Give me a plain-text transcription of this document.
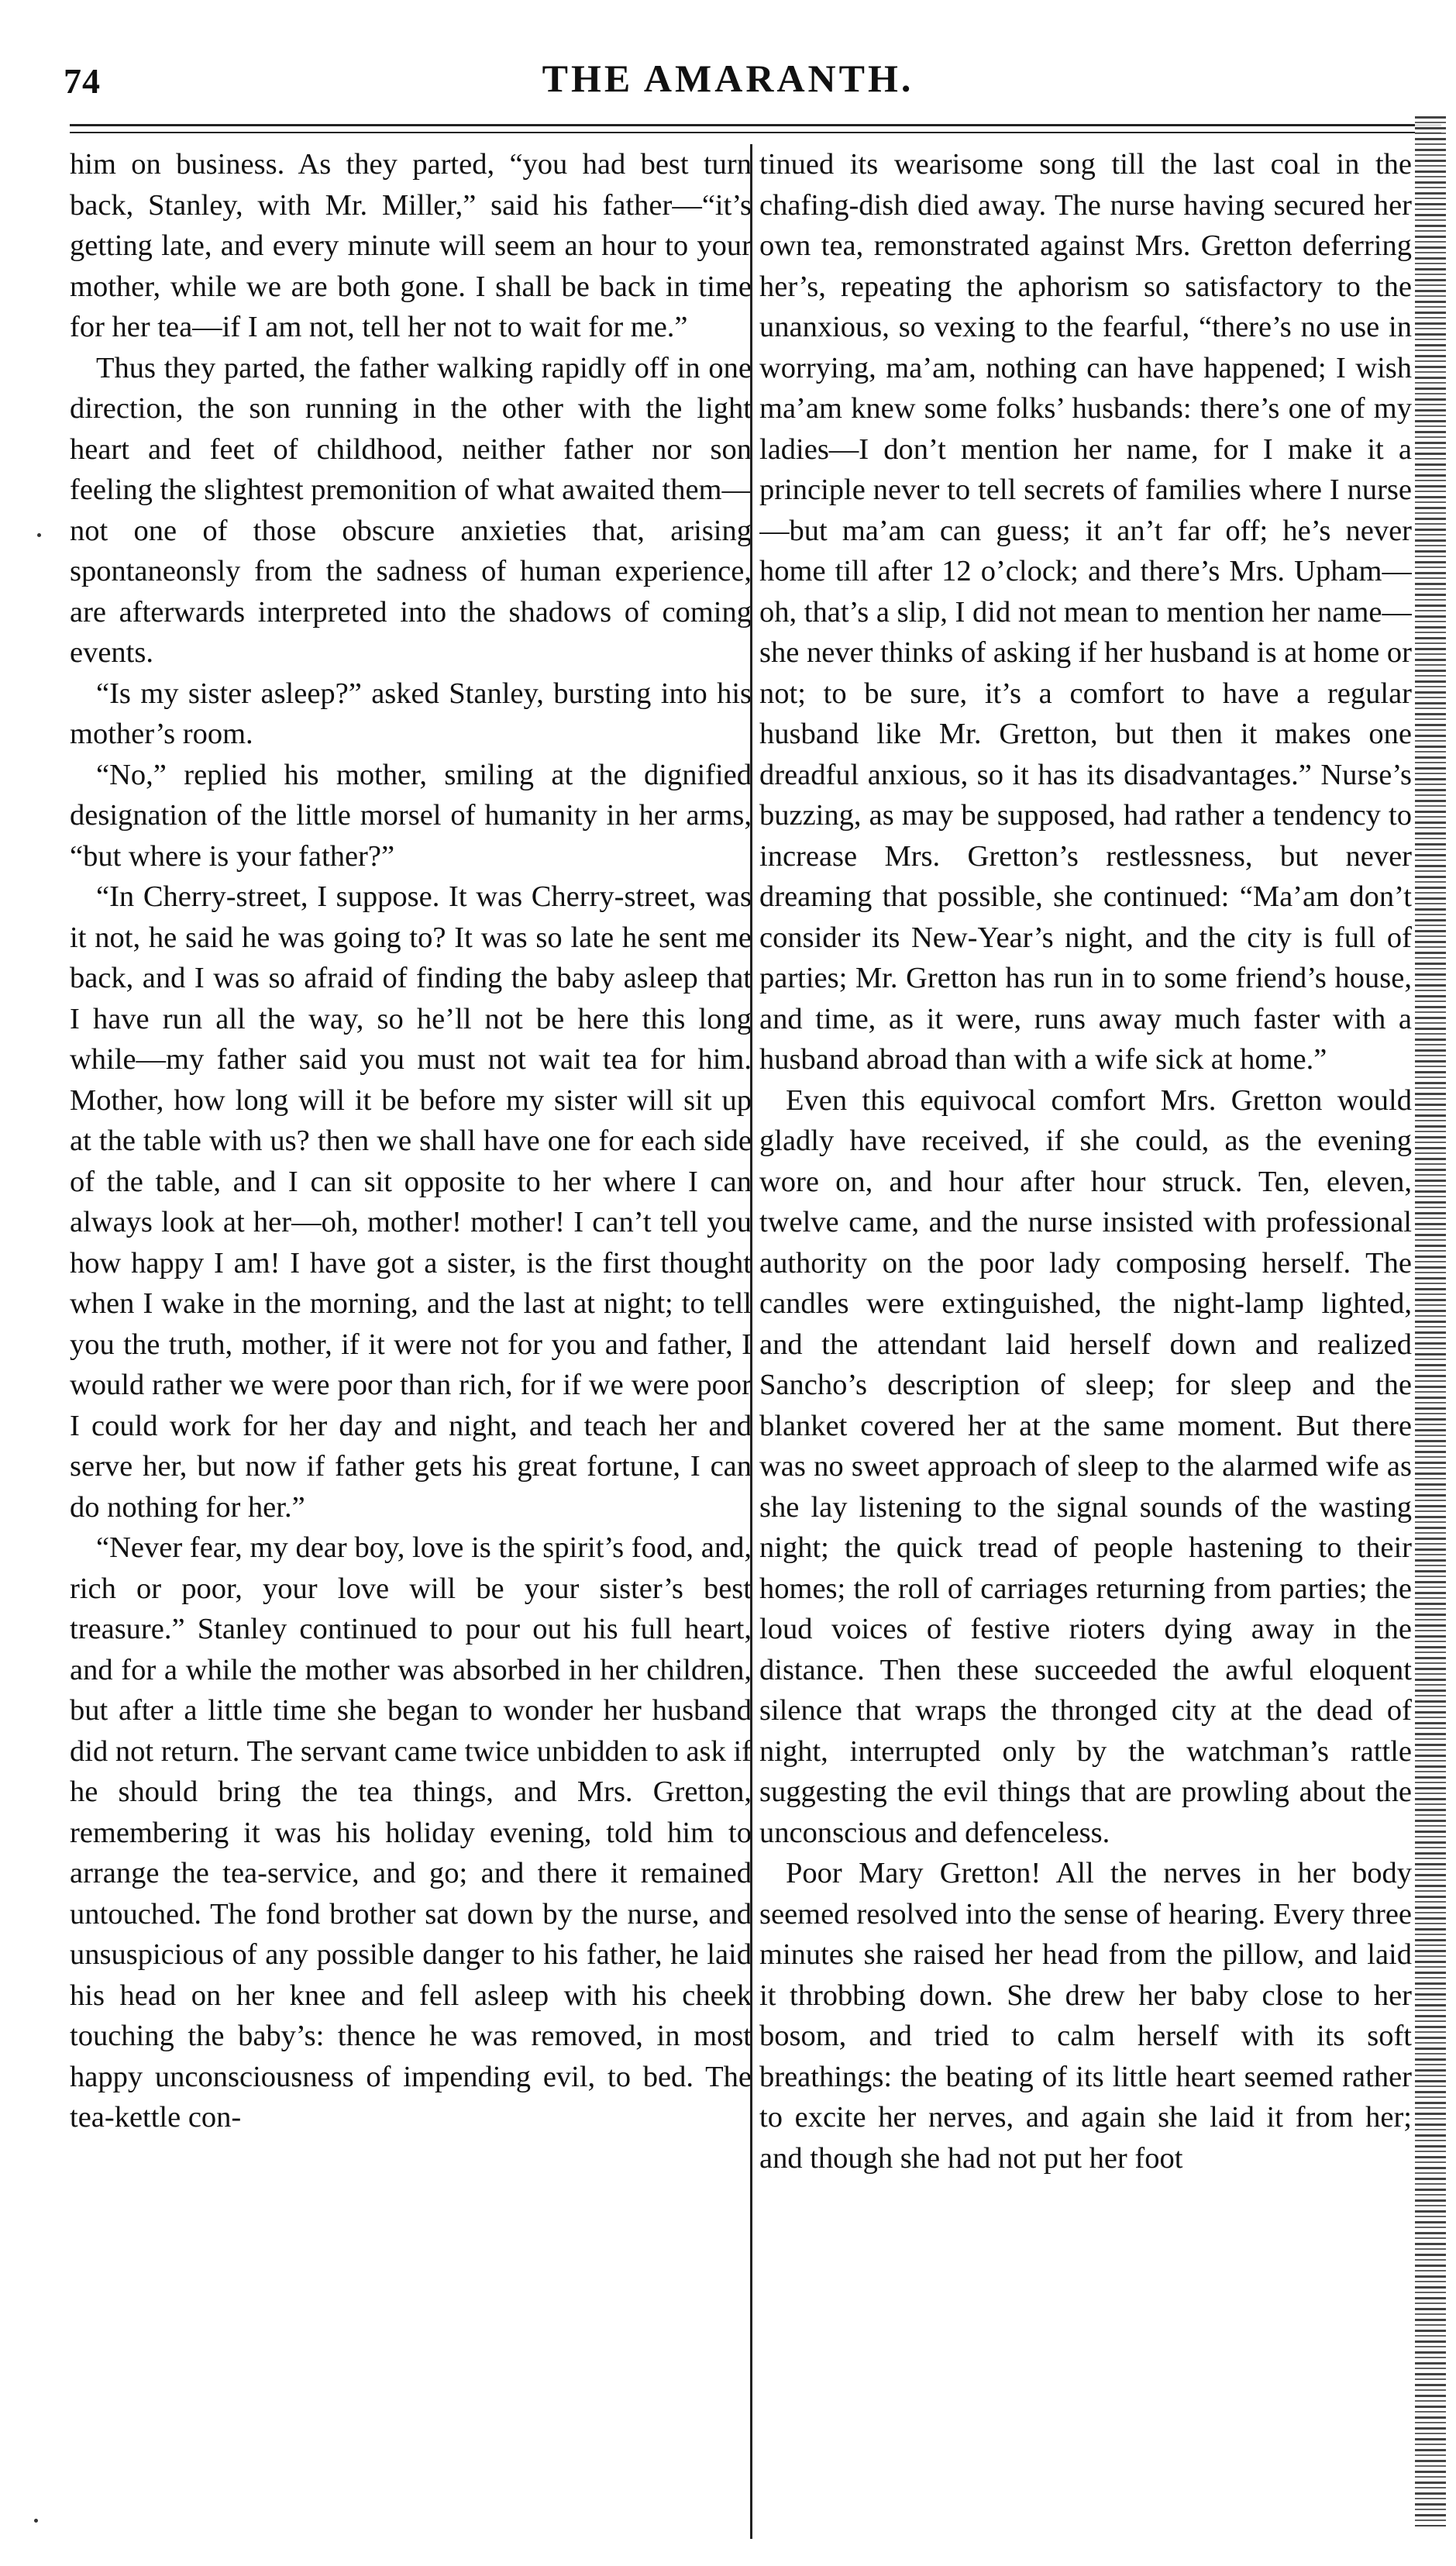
74	THE AMARANTH.

him on business. As they parted, “you had best turn back, Stanley, with Mr. Miller,” said his father—“it’s getting late, and every minute will seem an hour to your mother, while we are both gone. I shall be back in time for her tea—if I am not, tell her not to wait for me.”

Thus they parted, the father walking rapidly off in one direction, the son running in the other with the light heart and feet of childhood, neither father nor son feeling the slightest premonition of what awaited them—not one of those obscure anxieties that, arising spontaneonsly from the sadness of human experience, are afterwards interpreted into the shadows of coming events.

“Is my sister asleep?” asked Stanley, bursting into his mother’s room.

“No,” replied his mother, smiling at the dignified designation of the little morsel of humanity in her arms, “but where is your father?”

“In Cherry-street, I suppose. It was Cherry-street, was it not, he said he was going to? It was so late he sent me back, and I was so afraid of finding the baby asleep that I have run all the way, so he’ll not be here this long while—my father said you must not wait tea for him. Mother, how long will it be before my sister will sit up at the table with us? then we shall have one for each side of the table, and I can sit opposite to her where I can always look at her—oh, mother! mother! I can’t tell you how happy I am! I have got a sister, is the first thought when I wake in the morning, and the last at night; to tell you the truth, mother, if it were not for you and father, I would rather we were poor than rich, for if we were poor I could work for her day and night, and teach her and serve her, but now if father gets his great fortune, I can do nothing for her.”

“Never fear, my dear boy, love is the spirit’s food, and, rich or poor, your love will be your sister’s best treasure.” Stanley continued to pour out his full heart, and for a while the mother was absorbed in her children, but after a little time she began to wonder her husband did not return. The servant came twice unbidden to ask if he should bring the tea things, and Mrs. Gretton, remembering it was his holiday evening, told him to arrange the tea-service, and go; and there it remained untouched. The fond brother sat down by the nurse, and unsuspicious of any possible danger to his father, he laid his head on her knee and fell asleep with his cheek touching the baby’s: thence he was removed, in most happy unconsciousness of impending evil, to bed. The tea-kettle con-

tinued its wearisome song till the last coal in the chafing-dish died away. The nurse having secured her own tea, remonstrated against Mrs. Gretton deferring her’s, repeating the aphorism so satisfactory to the unanxious, so vexing to the fearful, “there’s no use in worrying, ma’am, nothing can have happened; I wish ma’am knew some folks’ husbands: there’s one of my ladies—I don’t mention her name, for I make it a principle never to tell secrets of families where I nurse—but ma’am can guess; it an’t far off; he’s never home till after 12 o’clock; and there’s Mrs. Upham—oh, that’s a slip, I did not mean to mention her name—she never thinks of asking if her husband is at home or not; to be sure, it’s a comfort to have a regular husband like Mr. Gretton, but then it makes one dreadful anxious, so it has its disadvantages.” Nurse’s buzzing, as may be supposed, had rather a tendency to increase Mrs. Gretton’s restlessness, but never dreaming that possible, she continued: “Ma’am don’t consider its New-Year’s night, and the city is full of parties; Mr. Gretton has run in to some friend’s house, and time, as it were, runs away much faster with a husband abroad than with a wife sick at home.”

Even this equivocal comfort Mrs. Gretton would gladly have received, if she could, as the evening wore on, and hour after hour struck. Ten, eleven, twelve came, and the nurse insisted with professional authority on the poor lady composing herself. The candles were extinguished, the night-lamp lighted, and the attendant laid herself down and realized Sancho’s description of sleep; for sleep and the blanket covered her at the same moment. But there was no sweet approach of sleep to the alarmed wife as she lay listening to the signal sounds of the wasting night; the quick tread of people hastening to their homes; the roll of carriages returning from parties; the loud voices of festive rioters dying away in the distance. Then these succeeded the awful eloquent silence that wraps the thronged city at the dead of night, interrupted only by the watchman’s rattle suggesting the evil things that are prowling about the unconscious and defenceless.

Poor Mary Gretton! All the nerves in her body seemed resolved into the sense of hearing. Every three minutes she raised her head from the pillow, and laid it throbbing down. She drew her baby close to her bosom, and tried to calm herself with its soft breathings: the beating of its little heart seemed rather to excite her nerves, and again she laid it from her; and though she had not put her foot
